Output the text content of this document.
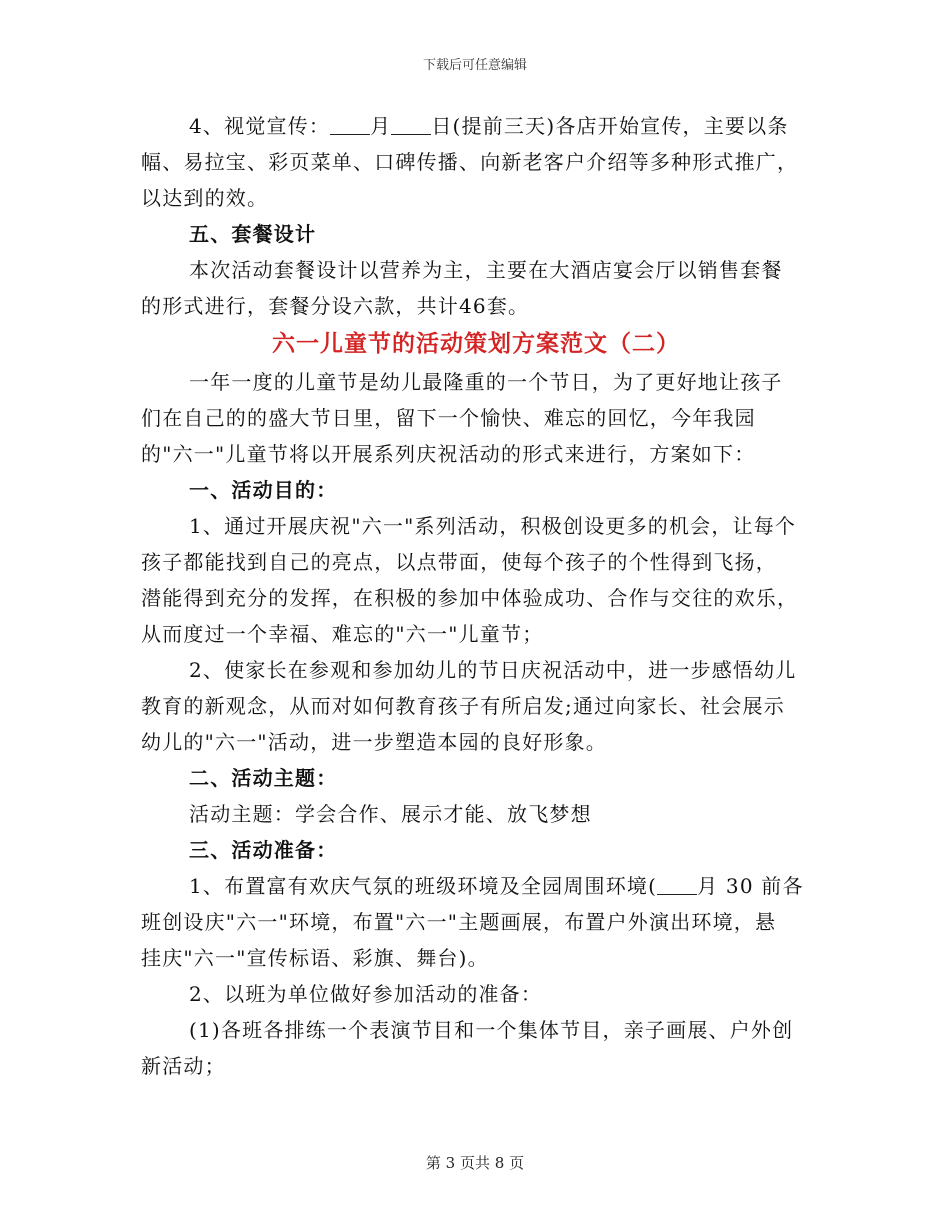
下载后可任意编辑
4、视觉宣传： 月 日(提前三天)各店开始宣传，主要以条
幅、易拉宝、彩页菜单、口碑传播、向新老客户介绍等多种形式推广，
以达到的效。
五、套餐设计
本次活动套餐设计以营养为主，主要在大酒店宴会厅以销售套餐
的形式进行，套餐分设六款，共计46套。
六一儿童节的活动策划方案范文（二）
一年一度的儿童节是幼儿最隆重的一个节日，为了更好地让孩子
们在自己的的盛大节日里，留下一个愉快、难忘的回忆，今年我园
的"六一"儿童节将以开展系列庆祝活动的形式来进行，方案如下：
一、活动目的：
1、通过开展庆祝"六一"系列活动，积极创设更多的机会，让每个
孩子都能找到自己的亮点，以点带面，使每个孩子的个性得到飞扬，
潜能得到充分的发挥，在积极的参加中体验成功、合作与交往的欢乐，
从而度过一个幸福、难忘的"六一"儿童节；
2、使家长在参观和参加幼儿的节日庆祝活动中，进一步感悟幼儿
教育的新观念，从而对如何教育孩子有所启发;通过向家长、社会展示
幼儿的"六一"活动，进一步塑造本园的良好形象。
二、活动主题：
活动主题：学会合作、展示才能、放飞梦想
三、活动准备：
1、布置富有欢庆气氛的班级环境及全园周围环境( 月 30 前各
班创设庆"六一"环境，布置"六一"主题画展，布置户外演出环境，悬
挂庆"六一"宣传标语、彩旗、舞台)。
2、以班为单位做好参加活动的准备：
(1)各班各排练一个表演节目和一个集体节目，亲子画展、户外创
新活动；
第 3 页共 8 页
